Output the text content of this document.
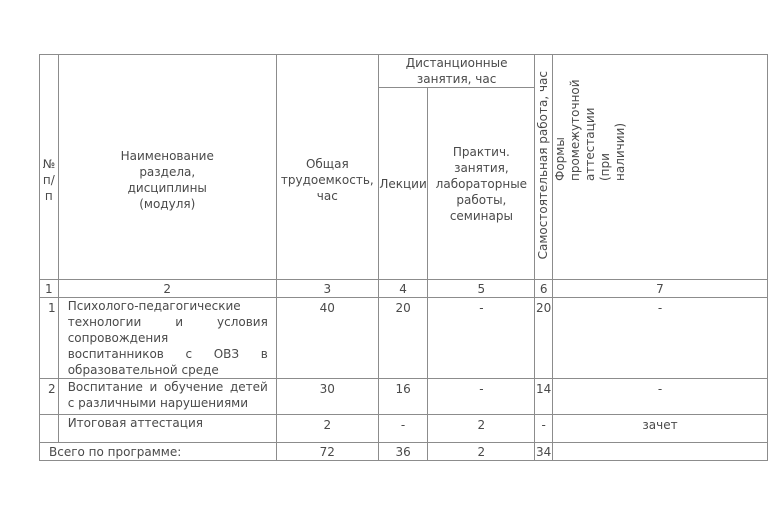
№ п/п	Наименование раздела, дисциплины (модуля)	Общая трудоемкость, час	Дистанционные занятия, час		Самостоятельная работа, час	Формы промежуточной аттестации (при наличии)
			Лекции	Практич. занятия, лабораторные работы, семинары		

1	2	3	4	5	6	7
1	Психолого-педагогические технологии и условия сопровождения воспитанников с ОВЗ в образовательной среде	40	20	-	20	-
2	Воспитание и обучение детей с различными нарушениями	30	16	-	14	-
	Итоговая аттестация	2	-	2	-	зачет
Всего по программе:		72	36	2	34	
